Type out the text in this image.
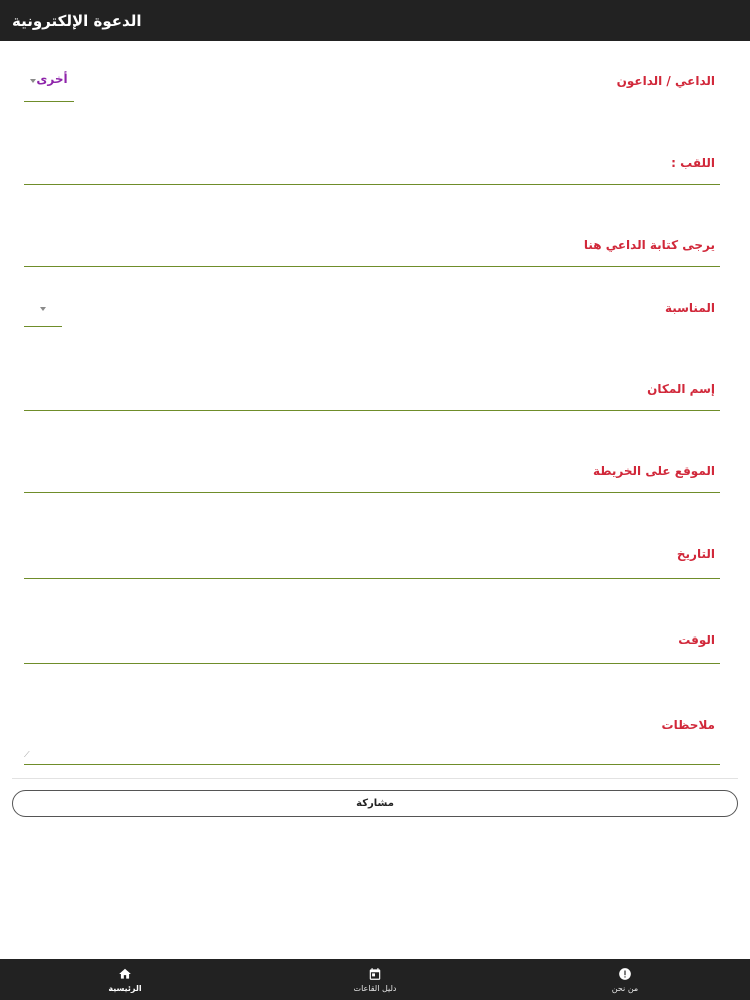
الدعوة الإلكترونية
الداعي / الداعون
أخرى
اللقب :
يرجى كتابة الداعي هنا
المناسبة
إسم المكان
الموقع على الخريطة
التاريخ
الوقت
ملاحظات
⟋
مشاركة
الرئيسية	دليل القاعات	من نحن
